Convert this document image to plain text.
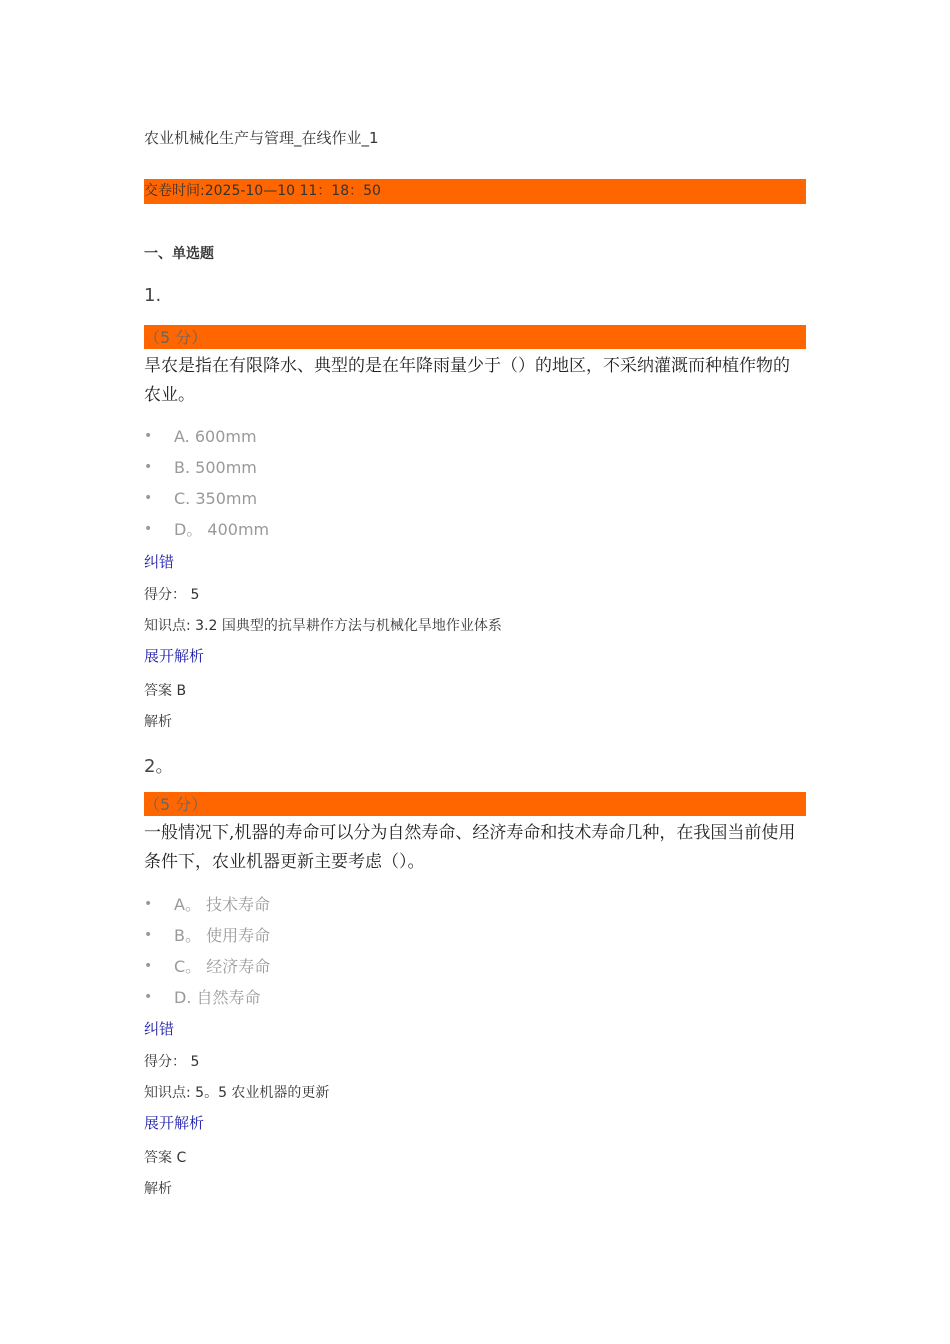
农业机械化生产与管理_在线作业_1
交卷时间:2025-10—10 11：18：50
一、单选题
1.
（5 分）
旱农是指在有限降水、典型的是在年降雨量少于（）的地区，不采纳灌溉而种植作物的农业。
• A. 600mm
• B. 500mm
• C. 350mm
• D。 400mm
纠错
得分： 5
知识点: 3.2 国典型的抗旱耕作方法与机械化旱地作业体系
展开解析
答案 B
解析
2。
（5 分）
一般情况下,机器的寿命可以分为自然寿命、经济寿命和技术寿命几种，在我国当前使用条件下，农业机器更新主要考虑（）。
• A。 技术寿命
• B。 使用寿命
• C。 经济寿命
• D. 自然寿命
纠错
得分： 5
知识点: 5。5 农业机器的更新
展开解析
答案 C
解析
